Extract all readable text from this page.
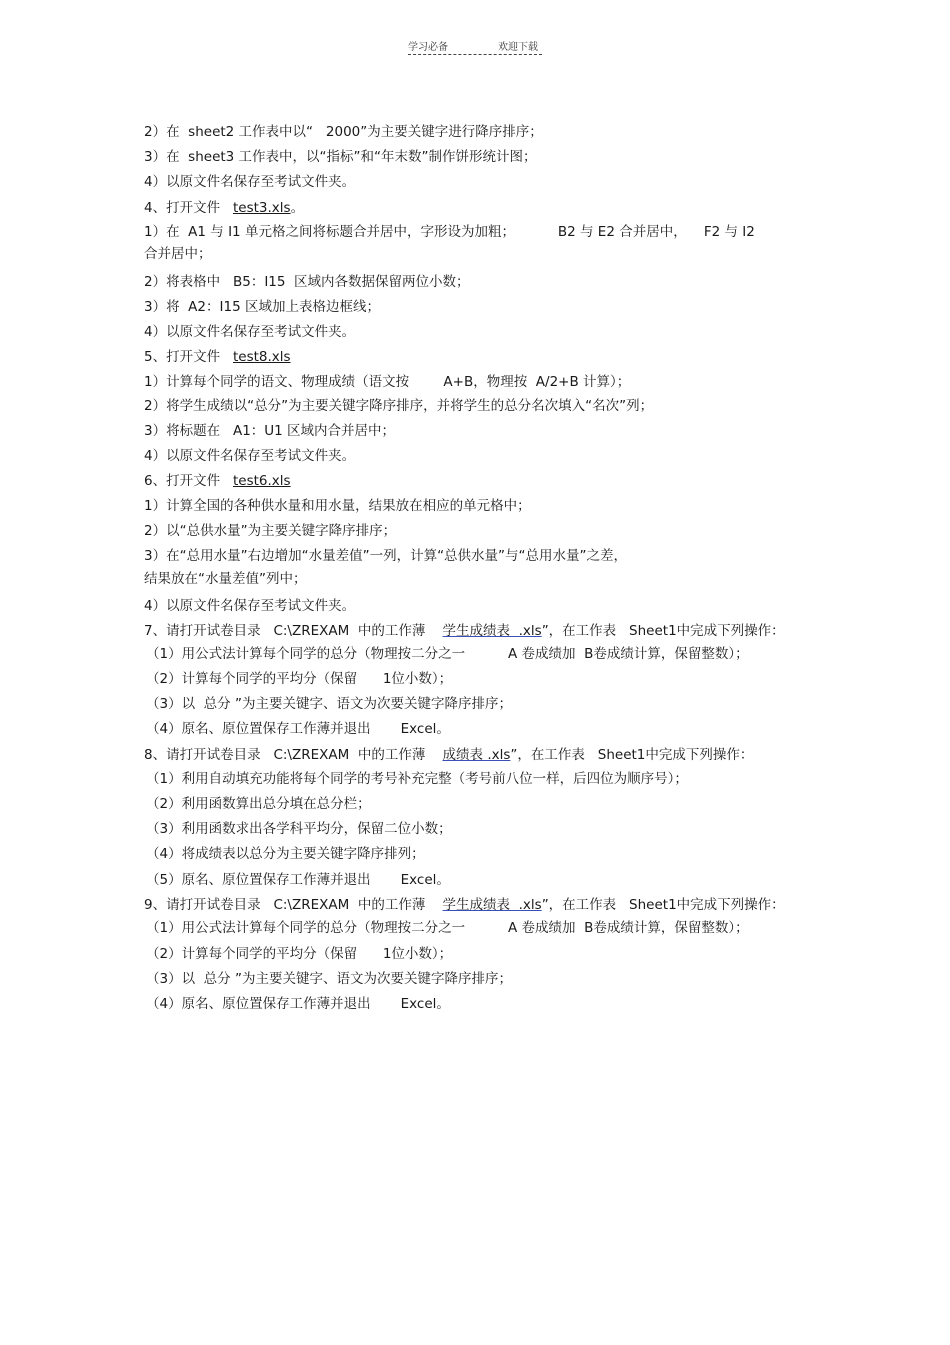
学习必备	欢迎下载
2）在  sheet2 工作表中以“   2000”为主要关键字进行降序排序；
3）在  sheet3 工作表中，以“指标”和“年末数”制作饼形统计图；
4）以原文件名保存至考试文件夹。
4、打开文件   test3.xls。
1）在  A1 与 I1 单元格之间将标题合并居中，字形设为加粗；          B2 与 E2 合并居中，    F2 与 I2
合并居中；
2）将表格中   B5：I15  区域内各数据保留两位小数；
3）将  A2：I15 区域加上表格边框线；
4）以原文件名保存至考试文件夹。
5、打开文件   test8.xls
1）计算每个同学的语文、物理成绩（语文按        A+B，物理按  A/2+B 计算）；
2）将学生成绩以“总分”为主要关键字降序排序，并将学生的总分名次填入“名次”列；
3）将标题在   A1：U1 区域内合并居中；
4）以原文件名保存至考试文件夹。
6、打开文件   test6.xls
1）计算全国的各种供水量和用水量，结果放在相应的单元格中；
2）以“总供水量”为主要关键字降序排序；
3）在“总用水量”右边增加“水量差值”一列，计算“总供水量”与“总用水量”之差，
结果放在“水量差值”列中；
4）以原文件名保存至考试文件夹。
7、请打开试卷目录   C:\ZREXAM  中的工作薄    学生成绩表  .xls”，在工作表   Sheet1中完成下列操作：
（1）用公式法计算每个同学的总分（物理按二分之一          A 卷成绩加  B卷成绩计算，保留整数）；
（2）计算每个同学的平均分（保留      1位小数）；
（3）以  总分 ”为主要关键字、语文为次要关键字降序排序；
（4）原名、原位置保存工作薄并退出       Excel。
8、请打开试卷目录   C:\ZREXAM  中的工作薄    成绩表 .xls”，在工作表   Sheet1中完成下列操作：
（1）利用自动填充功能将每个同学的考号补充完整（考号前八位一样，后四位为顺序号）；
（2）利用函数算出总分填在总分栏；
（3）利用函数求出各学科平均分，保留二位小数；
（4）将成绩表以总分为主要关键字降序排列；
（5）原名、原位置保存工作薄并退出       Excel。
9、请打开试卷目录   C:\ZREXAM  中的工作薄    学生成绩表  .xls”，在工作表   Sheet1中完成下列操作：
（1）用公式法计算每个同学的总分（物理按二分之一          A 卷成绩加  B卷成绩计算，保留整数）；
（2）计算每个同学的平均分（保留      1位小数）；
（3）以  总分 ”为主要关键字、语文为次要关键字降序排序；
（4）原名、原位置保存工作薄并退出       Excel。
